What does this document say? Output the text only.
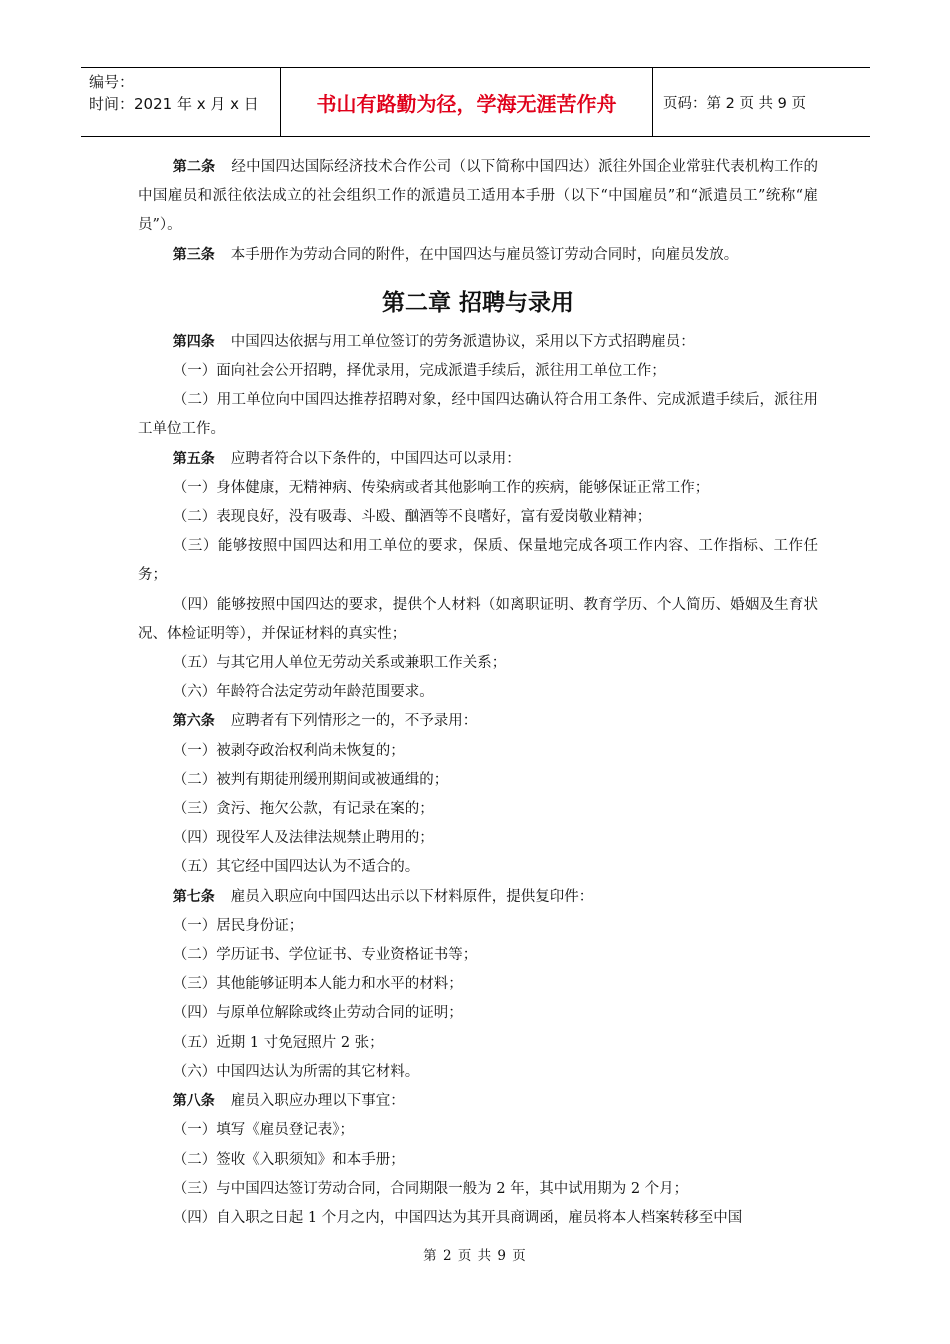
编号：
时间：2021 年 x 月 x 日	书山有路勤为径，学海无涯苦作舟	页码：第 2 页 共 9 页

第二条 经中国四达国际经济技术合作公司（以下简称中国四达）派往外国企业常驻代表机构工作的中国雇员和派往依法成立的社会组织工作的派遣员工适用本手册（以下“中国雇员”和“派遣员工”统称“雇员”）。

第三条 本手册作为劳动合同的附件，在中国四达与雇员签订劳动合同时，向雇员发放。

第二章 招聘与录用

第四条 中国四达依据与用工单位签订的劳务派遣协议，采用以下方式招聘雇员：

（一）面向社会公开招聘，择优录用，完成派遣手续后，派往用工单位工作；

（二）用工单位向中国四达推荐招聘对象，经中国四达确认符合用工条件、完成派遣手续后，派往用工单位工作。

第五条 应聘者符合以下条件的，中国四达可以录用：

（一）身体健康，无精神病、传染病或者其他影响工作的疾病，能够保证正常工作；

（二）表现良好，没有吸毒、斗殴、酗酒等不良嗜好，富有爱岗敬业精神；

（三）能够按照中国四达和用工单位的要求，保质、保量地完成各项工作内容、工作指标、工作任务；

（四）能够按照中国四达的要求，提供个人材料（如离职证明、教育学历、个人简历、婚姻及生育状况、体检证明等），并保证材料的真实性；

（五）与其它用人单位无劳动关系或兼职工作关系；

（六）年龄符合法定劳动年龄范围要求。

第六条 应聘者有下列情形之一的，不予录用：

（一）被剥夺政治权利尚未恢复的；

（二）被判有期徒刑缓刑期间或被通缉的；

（三）贪污、拖欠公款，有记录在案的；

（四）现役军人及法律法规禁止聘用的；

（五）其它经中国四达认为不适合的。

第七条 雇员入职应向中国四达出示以下材料原件，提供复印件：

（一）居民身份证；

（二）学历证书、学位证书、专业资格证书等；

（三）其他能够证明本人能力和水平的材料；

（四）与原单位解除或终止劳动合同的证明；

（五）近期 1 寸免冠照片 2 张；

（六）中国四达认为所需的其它材料。

第八条 雇员入职应办理以下事宜：

（一）填写《雇员登记表》；

（二）签收《入职须知》和本手册；

（三）与中国四达签订劳动合同，合同期限一般为 2 年，其中试用期为 2 个月；

（四）自入职之日起 1 个月之内，中国四达为其开具商调函，雇员将本人档案转移至中国

第 2 页 共 9 页
